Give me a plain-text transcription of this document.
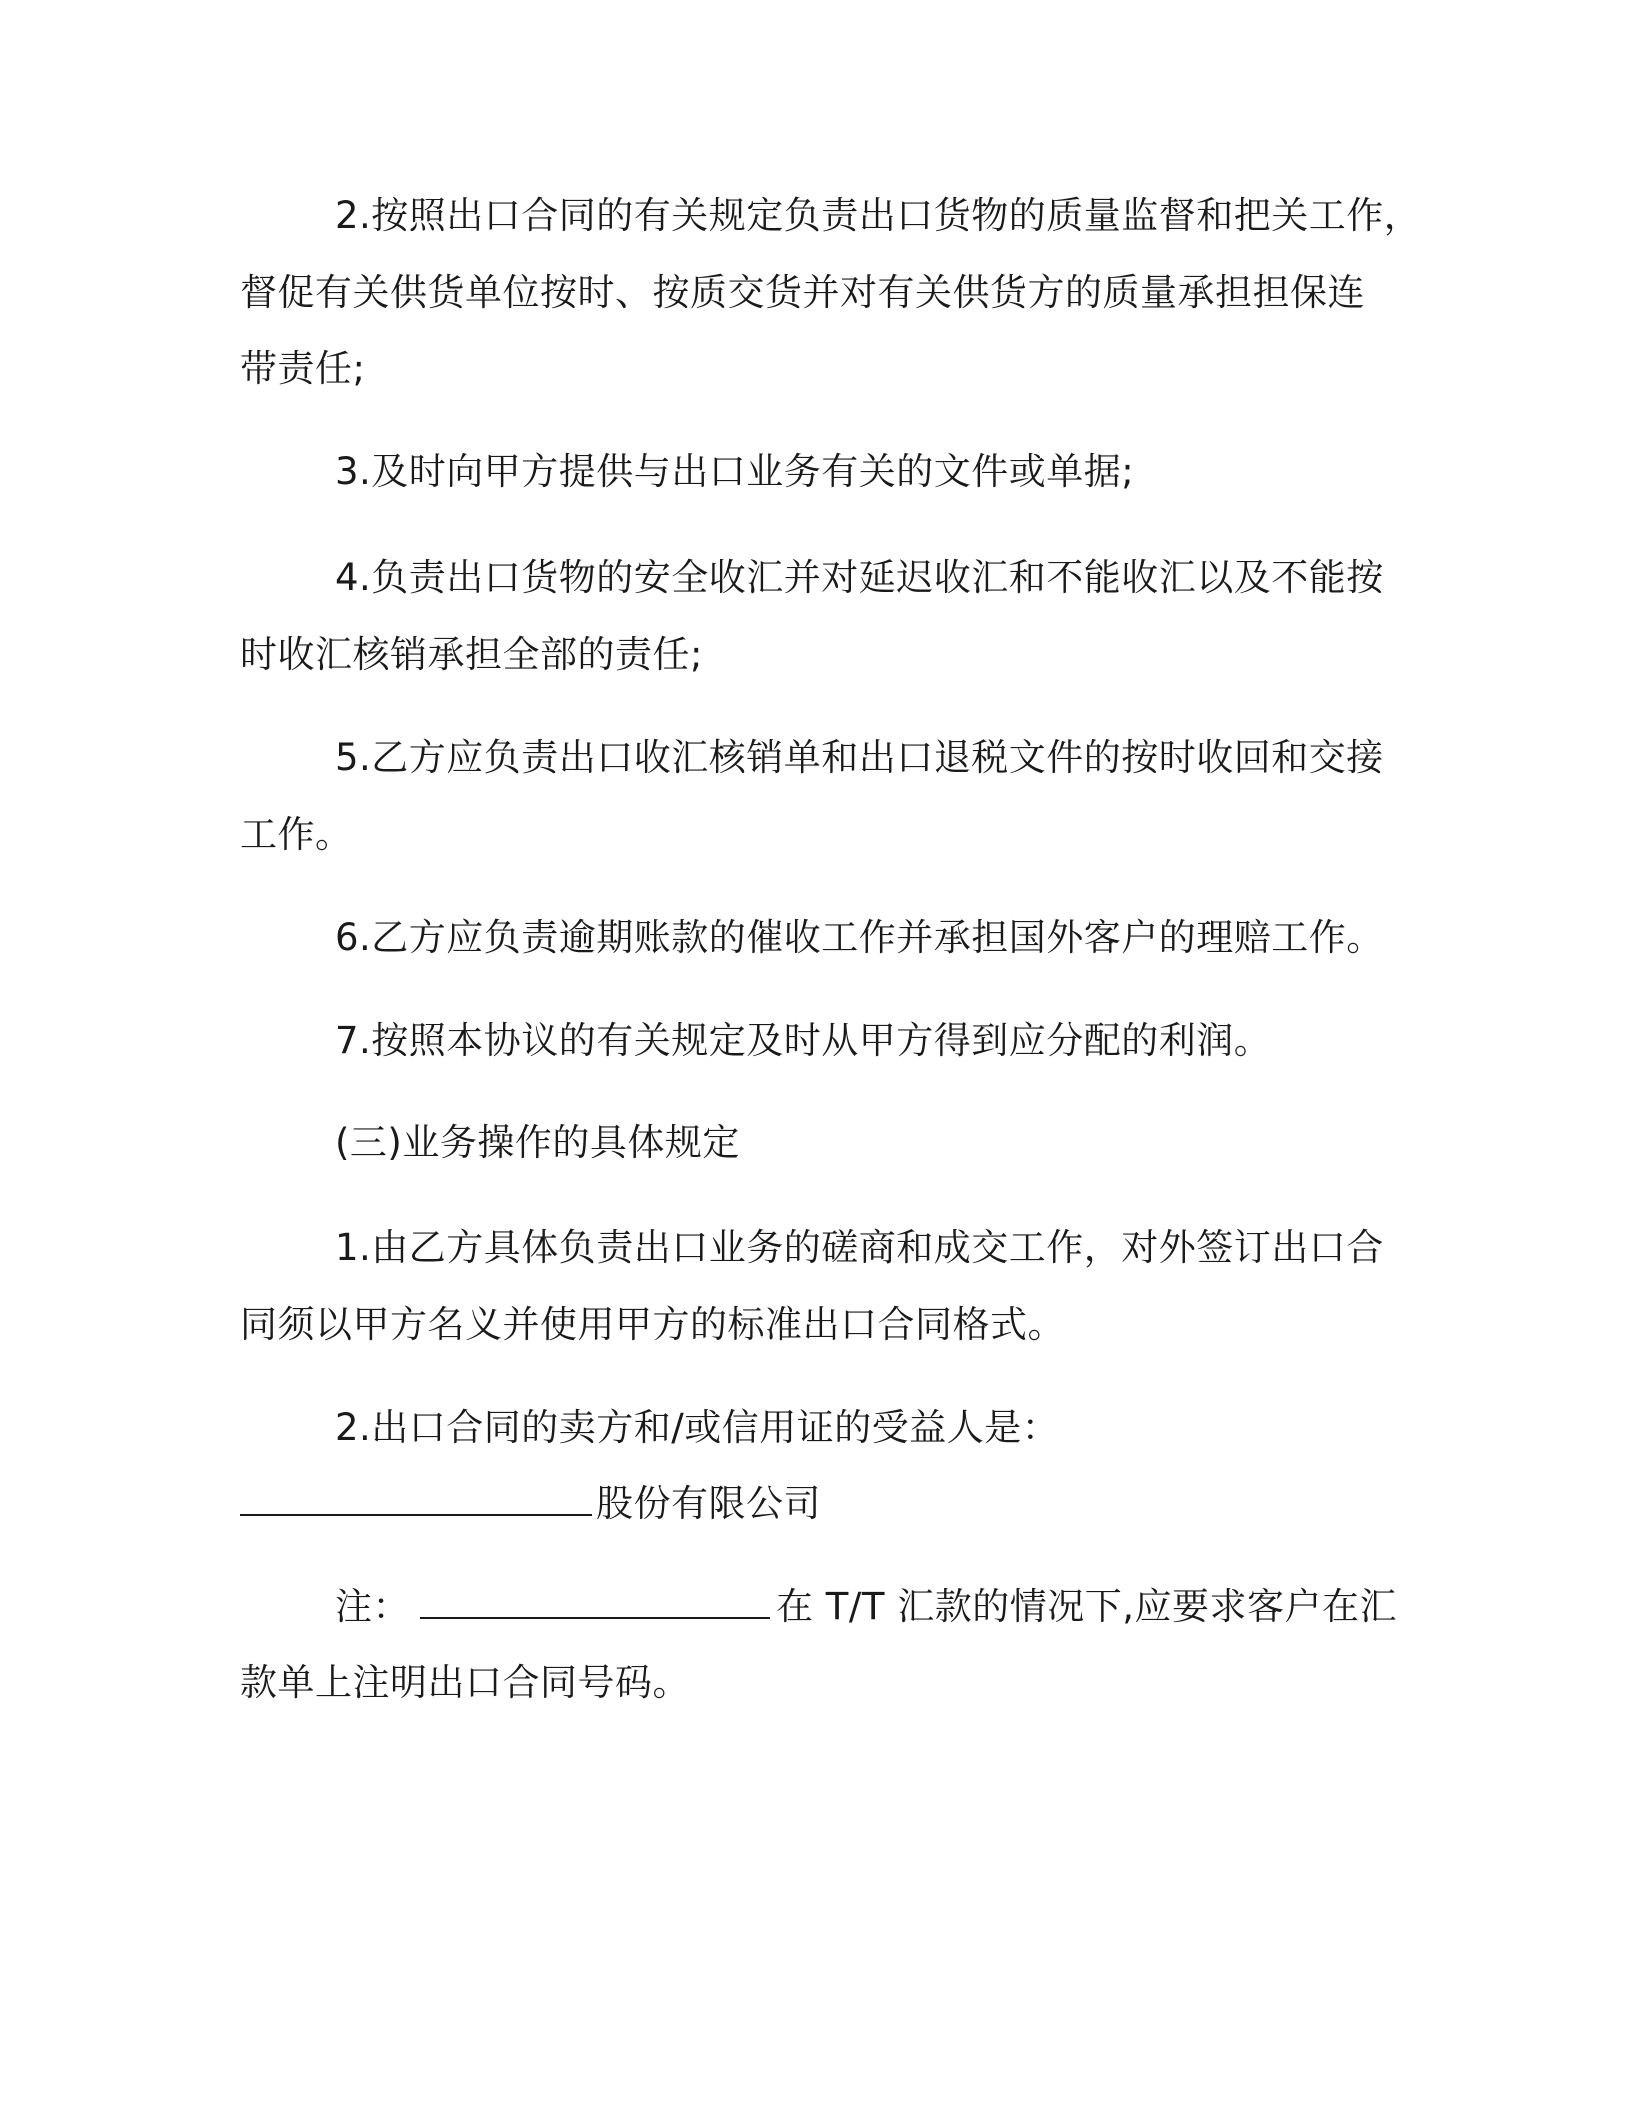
2.按照出口合同的有关规定负责出口货物的质量监督和把关工作，
督促有关供货单位按时、按质交货并对有关供货方的质量承担担保连
带责任;
3.及时向甲方提供与出口业务有关的文件或单据;
4.负责出口货物的安全收汇并对延迟收汇和不能收汇以及不能按
时收汇核销承担全部的责任;
5.乙方应负责出口收汇核销单和出口退税文件的按时收回和交接
工作。
6.乙方应负责逾期账款的催收工作并承担国外客户的理赔工作。
7.按照本协议的有关规定及时从甲方得到应分配的利润。
(三)业务操作的具体规定
1.由乙方具体负责出口业务的磋商和成交工作，对外签订出口合
同须以甲方名义并使用甲方的标准出口合同格式。
2.出口合同的卖方和/或信用证的受益人是：
股份有限公司
注：	在 T/T 汇款的情况下,应要求客户在汇
款单上注明出口合同号码。
